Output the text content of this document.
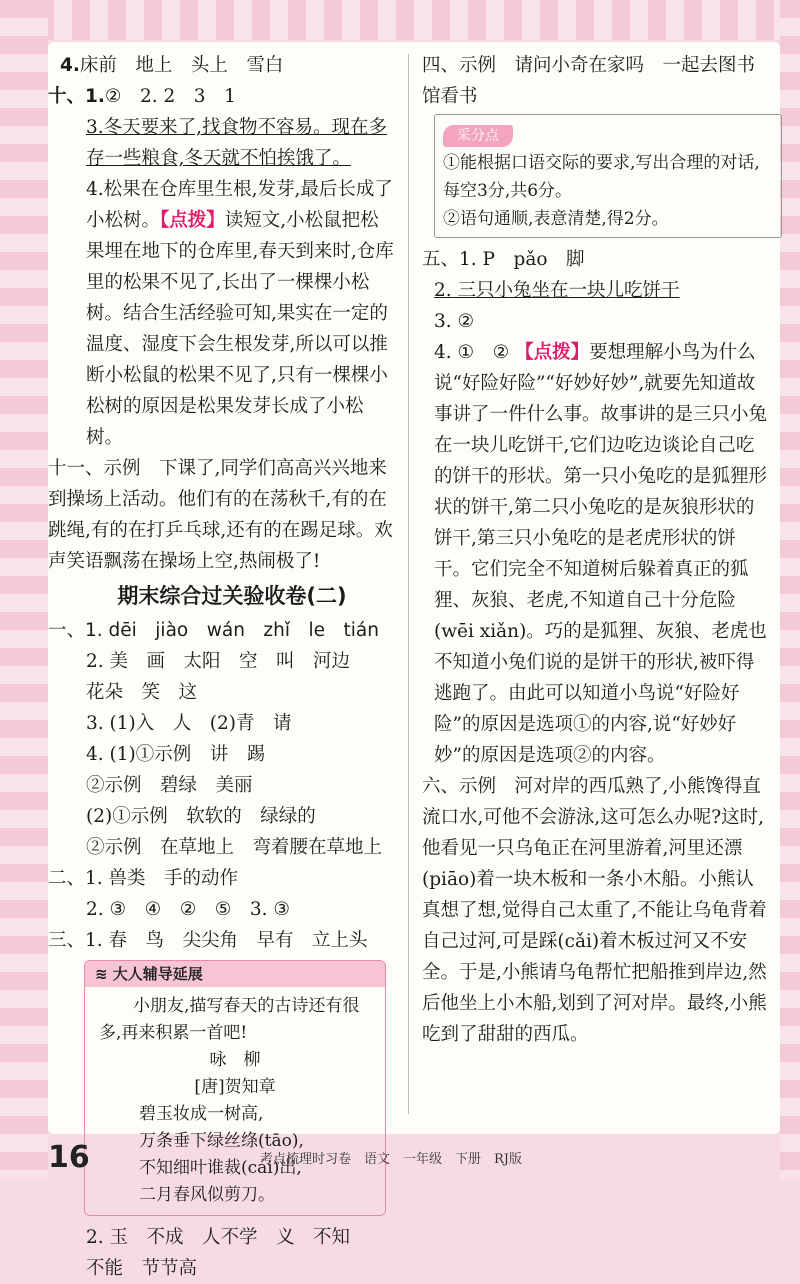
4.床前　地上　头上　雪白
十、1.②　2. 2　3　1
3.冬天要来了,找食物不容易。现在多存一些粮食,冬天就不怕挨饿了。
4.松果在仓库里生根,发芽,最后长成了小松树。【点拨】读短文,小松鼠把松果埋在地下的仓库里,春天到来时,仓库里的松果不见了,长出了一棵棵小松树。结合生活经验可知,果实在一定的温度、湿度下会生根发芽,所以可以推断小松鼠的松果不见了,只有一棵棵小松树的原因是松果发芽长成了小松树。
十一、示例　下课了,同学们高高兴兴地来到操场上活动。他们有的在荡秋千,有的在跳绳,有的在打乒乓球,还有的在踢足球。欢声笑语飘荡在操场上空,热闹极了!
期末综合过关验收卷(二)
一、1. dēi　jiào　wán　zhǐ　le　tián
2. 美　画　太阳　空　叫　河边
花朵　笑　这
3. (1)入　人　(2)青　请
4. (1)①示例　讲　踢
②示例　碧绿　美丽
(2)①示例　软软的　绿绿的
②示例　在草地上　弯着腰在草地上
二、1. 兽类　手的动作
2. ③　④　②　⑤　3. ③
三、1. 春　鸟　尖尖角　早有　立上头
≋ 大人辅导延展
小朋友,描写春天的古诗还有很多,再来积累一首吧!
咏　柳
[唐]贺知章
碧玉妆成一树高,
万条垂下绿丝绦(tāo),
不知细叶谁裁(cái)出,
二月春风似剪刀。
2. 玉　不成　人不学　义　不知
不能　节节高
四、示例　请问小奇在家吗　一起去图书馆看书
采分点
①能根据口语交际的要求,写出合理的对话,每空3分,共6分。
②语句通顺,表意清楚,得2分。
五、1. P　pǎo　脚
2. 三只小兔坐在一块儿吃饼干
3. ②
4. ①　② 【点拨】要想理解小鸟为什么说“好险好险”“好妙好妙”,就要先知道故事讲了一件什么事。故事讲的是三只小兔在一块儿吃饼干,它们边吃边谈论自己吃的饼干的形状。第一只小兔吃的是狐狸形状的饼干,第二只小兔吃的是灰狼形状的饼干,第三只小兔吃的是老虎形状的饼干。它们完全不知道树后躲着真正的狐狸、灰狼、老虎,不知道自己十分危险(wēi xiǎn)。巧的是狐狸、灰狼、老虎也不知道小兔们说的是饼干的形状,被吓得逃跑了。由此可以知道小鸟说“好险好险”的原因是选项①的内容,说“好妙好妙”的原因是选项②的内容。
六、示例　河对岸的西瓜熟了,小熊馋得直流口水,可他不会游泳,这可怎么办呢?这时,他看见一只乌龟正在河里游着,河里还漂(piāo)着一块木板和一条小木船。小熊认真想了想,觉得自己太重了,不能让乌龟背着自己过河,可是踩(cǎi)着木板过河又不安全。于是,小熊请乌龟帮忙把船推到岸边,然后他坐上小木船,划到了河对岸。最终,小熊吃到了甜甜的西瓜。
16	考点梳理时习卷　语文　一年级　下册　RJ版
